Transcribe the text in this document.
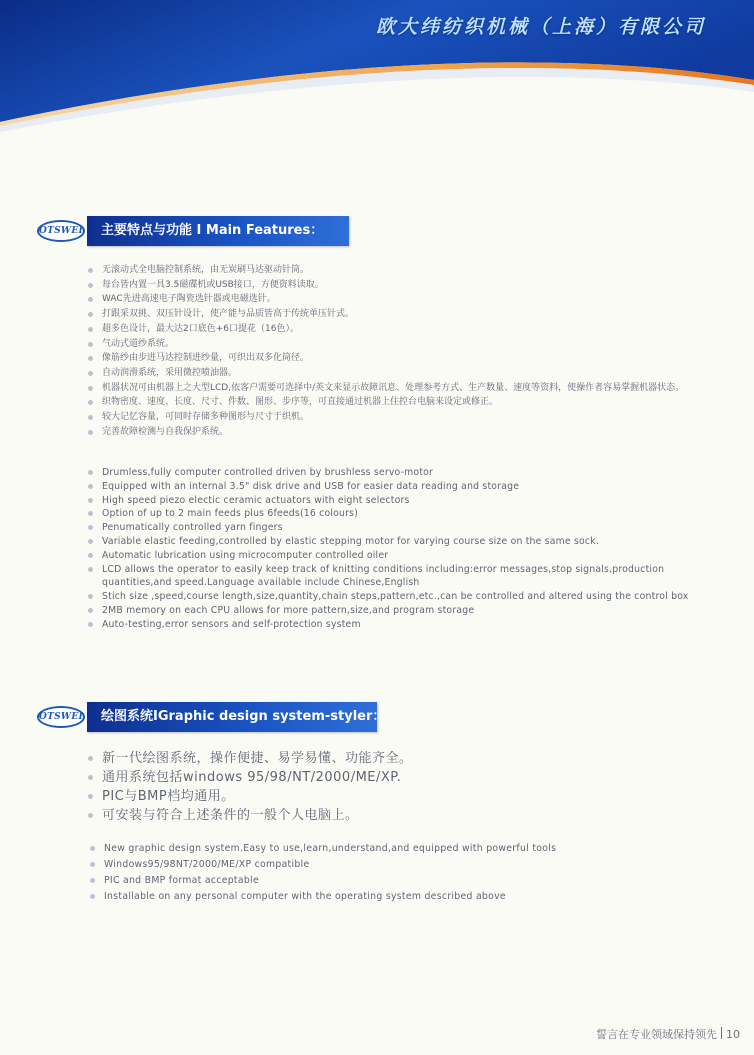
欧大纬纺织机械（上海）有限公司
OTSWEI	主要特点与功能 I Main Features：
无滚动式全电脑控制系统，由无炭刷马达驱动针筒。
每台皆内置一具3.5磁碟机或USB接口，方便资料读取。
WAC先进高速电子陶瓷选针器或电磁选针。
打跟采双挑、双压针设计，使产能与品质皆高于传统单压针式。
超多色设计，最大达2口底色+6口提花（16色）。
气动式道纱系统。
像筋纱由步进马达控制进纱量，可织出双多化筒径。
自动润滑系统，采用微控喷油器。
机器状况可由机器上之大型LCD,依客户需要可选择中/英文来显示故障讯息、处理参考方式、生产数量、速度等资料，使操作者容易掌握机器状态。
织物密度、速度、长度、尺寸、件数、图形、步序等，可直接通过机器上住控台电脑来设定或修正。
较大记忆容量，可同时存储多种图形与尺寸于织机。
完善故障检测与自我保护系统。
Drumless,fully computer controlled driven by brushless servo-motor
Equipped with an internal 3.5" disk drive and USB for easier data reading and storage
High speed piezo electic ceramic actuators with eight selectors
Option of up to 2 main feeds plus 6feeds(16 colours)
Penumatically controlled yarn fingers
Variable elastic feeding,controlled by elastic stepping motor for varying course size on the same sock.
Automatic lubrication using microcomputer controlled oiler
LCD allows the operator to easily keep track of knitting conditions including:error messages,stop signals,production quantities,and speed.Language available include Chinese,English
Stich size ,speed,course length,size,quantity,chain steps,pattern,etc.,can be controlled and altered using the control box
2MB memory on each CPU allows for more pattern,size,and program storage
Auto-testing,error sensors and self-protection system
OTSWEI	绘图系统IGraphic design system-styler：
新一代绘图系统，操作便捷、易学易懂、功能齐全。
通用系统包括windows 95/98/NT/2000/ME/XP.
PIC与BMP档均通用。
可安装与符合上述条件的一般个人电脑上。
New graphic design system.Easy to use,learn,understand,and equipped with powerful tools
Windows95/98NT/2000/ME/XP compatible
PIC and BMP format acceptable
Installable on any personal computer with the operating system described above
誓言在专业领域保持领先 10
